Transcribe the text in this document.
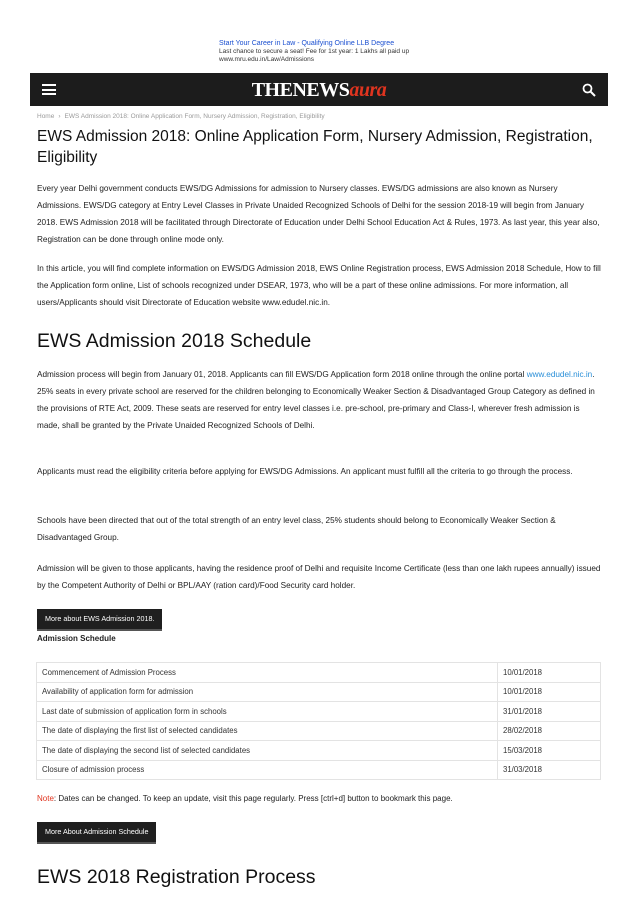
Start Your Career in Law - Qualifying Online LLB Degree
Last chance to secure a seat! Fee for 1st year: 1 Lakhs all paid up
www.mru.edu.in/Law/Admissions
THENEWSaura
Home › EWS Admission 2018: Online Application Form, Nursery Admission, Registration, Eligibility
EWS Admission 2018: Online Application Form, Nursery Admission, Registration, Eligibility

Every year Delhi government conducts EWS/DG Admissions for admission to Nursery classes. EWS/DG admissions are also known as Nursery Admissions. EWS/DG category at Entry Level Classes in Private Unaided Recognized Schools of Delhi for the session 2018-19 will begin from January 2018. EWS Admission 2018 will be facilitated through Directorate of Education under Delhi School Education Act & Rules, 1973. As last year, this year also, Registration can be done through online mode only.

In this article, you will find complete information on EWS/DG Admission 2018, EWS Online Registration process, EWS Admission 2018 Schedule, How to fill the Application form online, List of schools recognized under DSEAR, 1973, who will be a part of these online admissions. For more information, all users/Applicants should visit Directorate of Education website www.edudel.nic.in.

EWS Admission 2018 Schedule

Admission process will begin from January 01, 2018. Applicants can fill EWS/DG Application form 2018 online through the online portal www.edudel.nic.in. 25% seats in every private school are reserved for the children belonging to Economically Weaker Section & Disadvantaged Group Category as defined in the provisions of RTE Act, 2009. These seats are reserved for entry level classes i.e. pre-school, pre-primary and Class-I, wherever fresh admission is made, shall be granted by the Private Unaided Recognized Schools of Delhi.

Applicants must read the eligibility criteria before applying for EWS/DG Admissions. An applicant must fulfill all the criteria to go through the process.

Schools have been directed that out of the total strength of an entry level class, 25% students should belong to Economically Weaker Section & Disadvantaged Group.

Admission will be given to those applicants, having the residence proof of Delhi and requisite Income Certificate (less than one lakh rupees annually) issued by the Competent Authority of Delhi or BPL/AAY (ration card)/Food Security card holder.

More about EWS Admission 2018.
Admission Schedule
Commencement of Admission Process	10/01/2018
Availability of application form for admission	10/01/2018
Last date of submission of application form in schools	31/01/2018
The date of displaying the first list of selected candidates	28/02/2018
The date of displaying the second list of selected candidates	15/03/2018
Closure of admission process	31/03/2018
Note: Dates can be changed. To keep an update, visit this page regularly. Press [ctrl+d] button to bookmark this page.
More About Admission Schedule
EWS 2018 Registration Process
